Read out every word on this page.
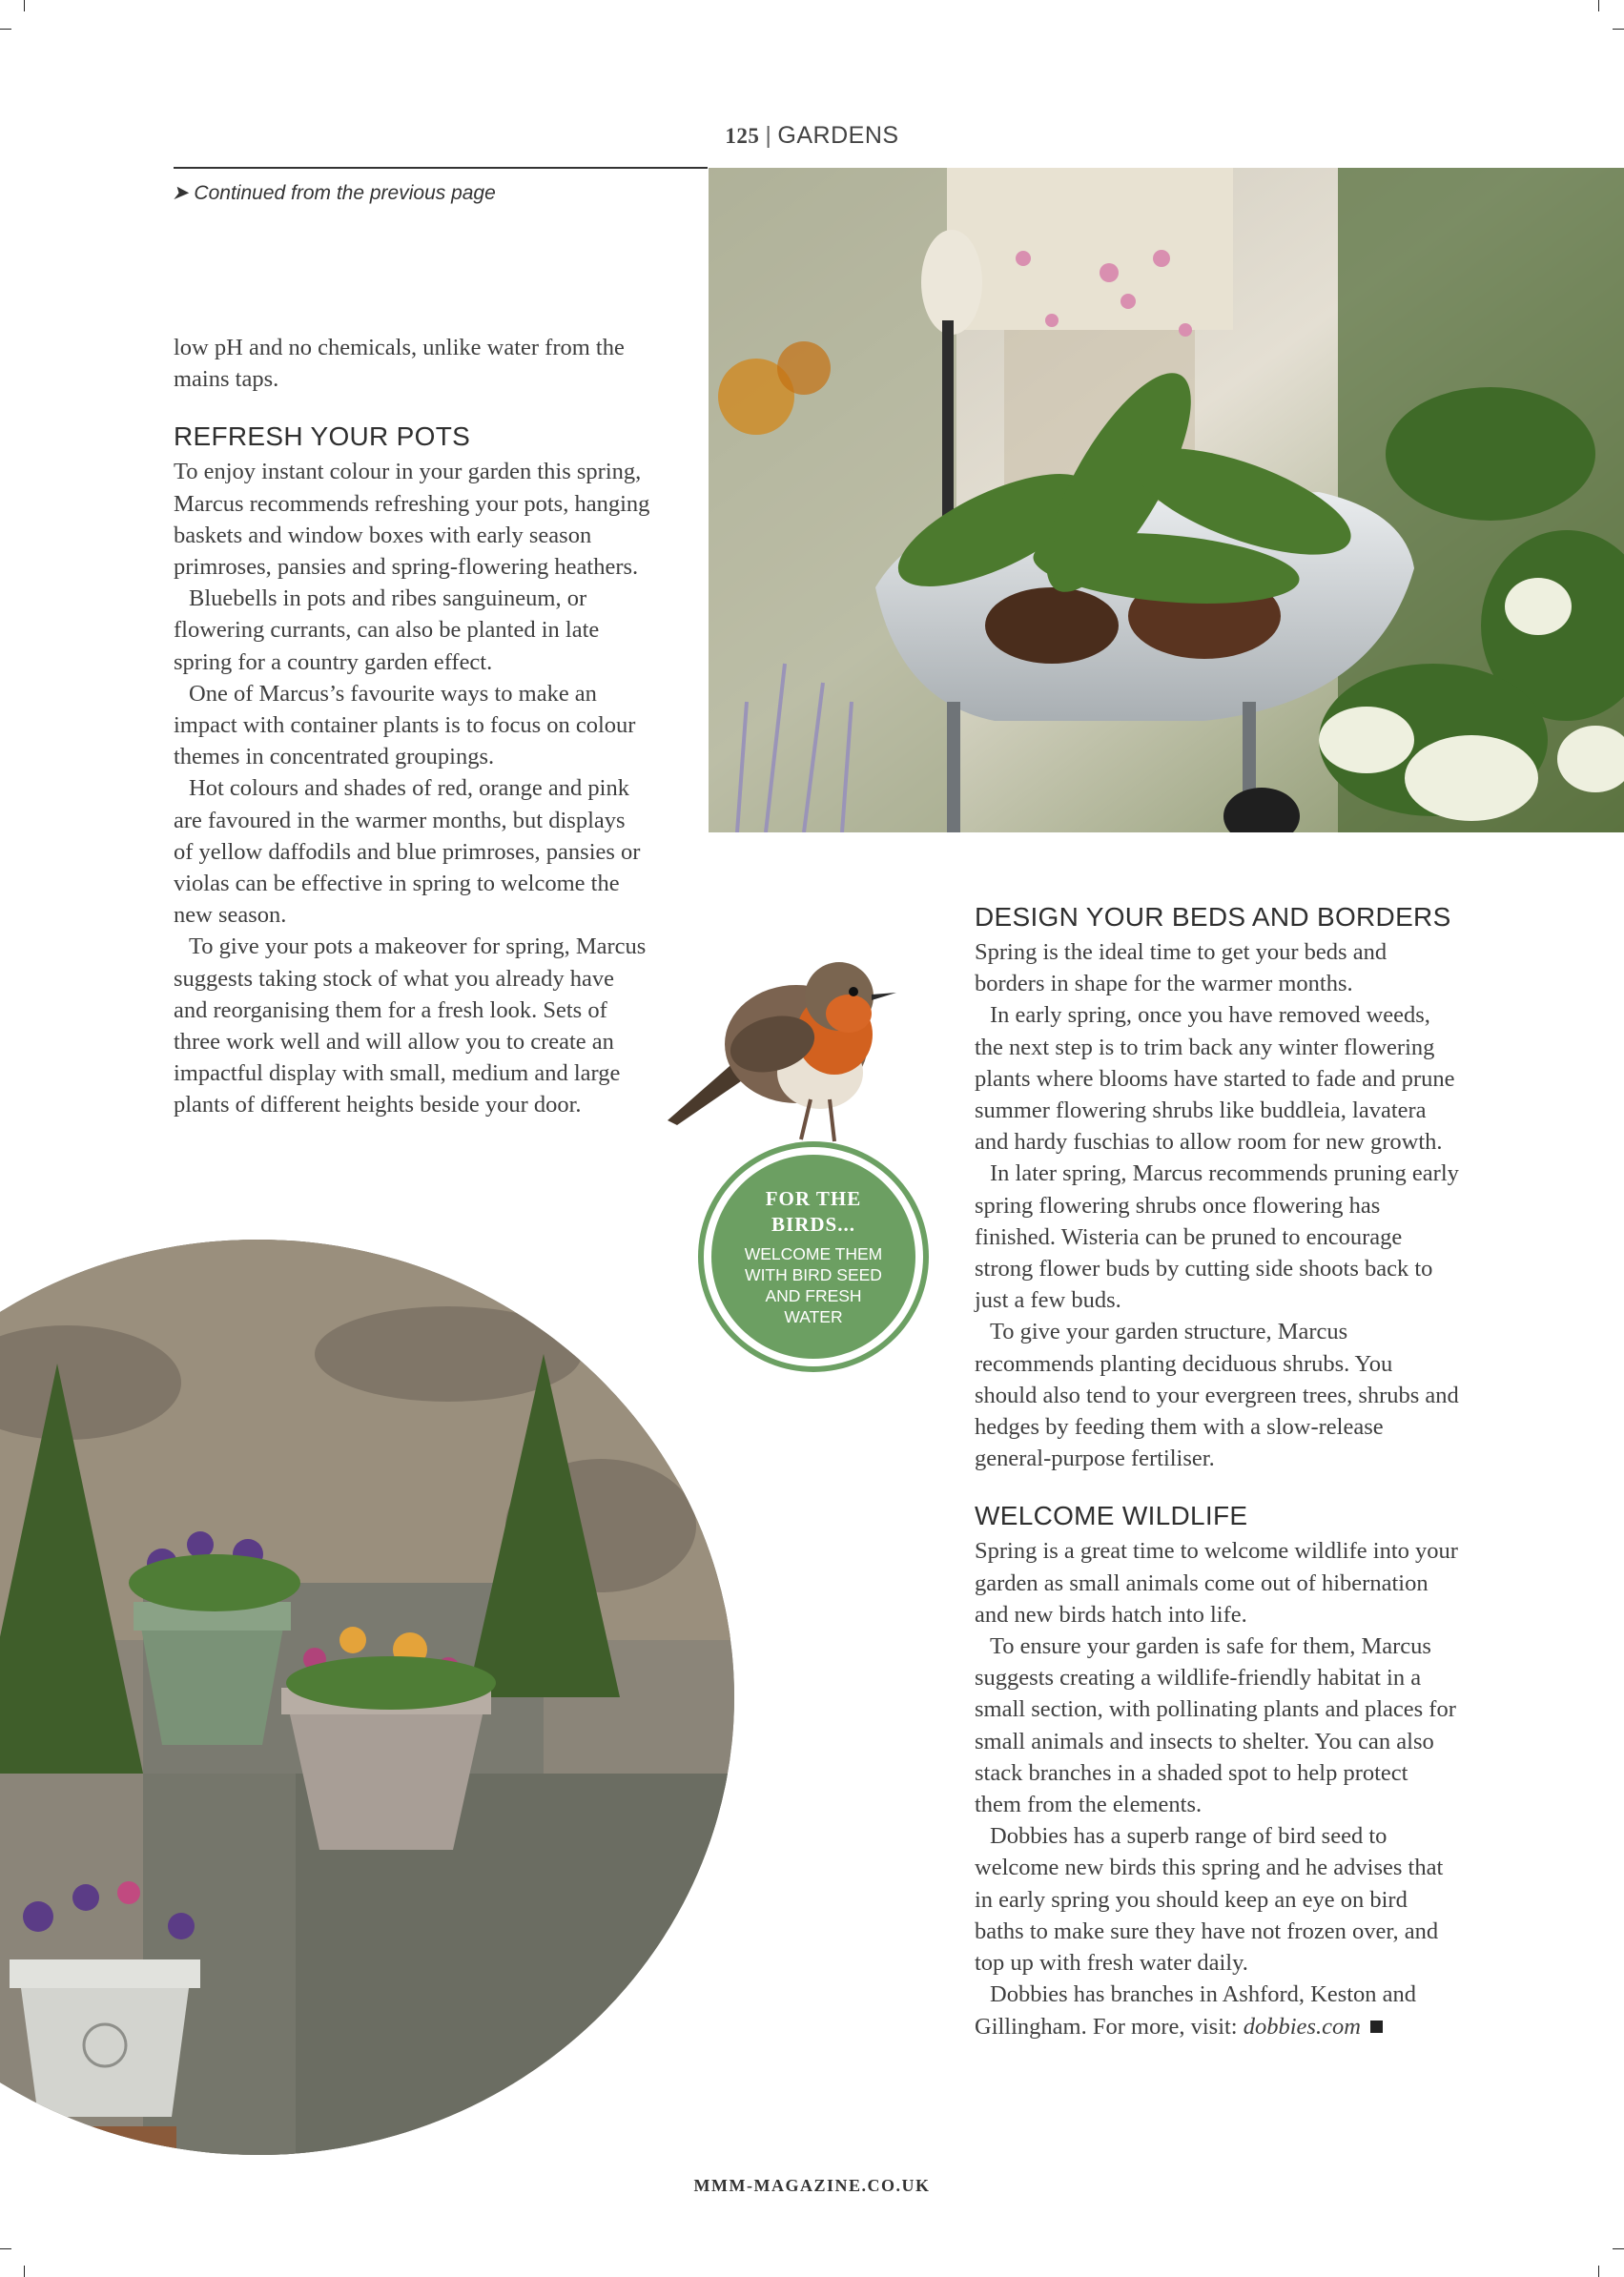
125 | GARDENS
➤ Continued from the previous page

low pH and no chemicals, unlike water from the mains taps.

REFRESH YOUR POTS

To enjoy instant colour in your garden this spring, Marcus recommends refreshing your pots, hanging baskets and window boxes with early season primroses, pansies and spring-flowering heathers.

Bluebells in pots and ribes sanguineum, or flowering currants, can also be planted in late spring for a country garden effect.

One of Marcus’s favourite ways to make an impact with container plants is to focus on colour themes in concentrated groupings.

Hot colours and shades of red, orange and pink are favoured in the warmer months, but displays of yellow daffodils and blue primroses, pansies or violas can be effective in spring to welcome the new season.

To give your pots a makeover for spring, Marcus suggests taking stock of what you already have and reorganising them for a fresh look. Sets of three work well and will allow you to create an impactful display with small, medium and large plants of different heights beside your door.

FOR THE BIRDS...
WELCOME THEM WITH BIRD SEED AND FRESH WATER
DESIGN YOUR BEDS AND BORDERS

Spring is the ideal time to get your beds and borders in shape for the warmer months.

In early spring, once you have removed weeds, the next step is to trim back any winter flowering plants where blooms have started to fade and prune summer flowering shrubs like buddleia, lavatera and hardy fuschias to allow room for new growth.

In later spring, Marcus recommends pruning early spring flowering shrubs once flowering has finished. Wisteria can be pruned to encourage strong flower buds by cutting side shoots back to just a few buds.

To give your garden structure, Marcus recommends planting deciduous shrubs. You should also tend to your evergreen trees, shrubs and hedges by feeding them with a slow-release general-purpose fertiliser.

WELCOME WILDLIFE

Spring is a great time to welcome wildlife into your garden as small animals come out of hibernation and new birds hatch into life.

To ensure your garden is safe for them, Marcus suggests creating a wildlife-friendly habitat in a small section, with pollinating plants and places for small animals and insects to shelter. You can also stack branches in a shaded spot to help protect them from the elements.

Dobbies has a superb range of bird seed to welcome new birds this spring and he advises that in early spring you should keep an eye on bird baths to make sure they have not frozen over, and top up with fresh water daily.

Dobbies has branches in Ashford, Keston and Gillingham. For more, visit: dobbies.com

MMM-MAGAZINE.CO.UK
